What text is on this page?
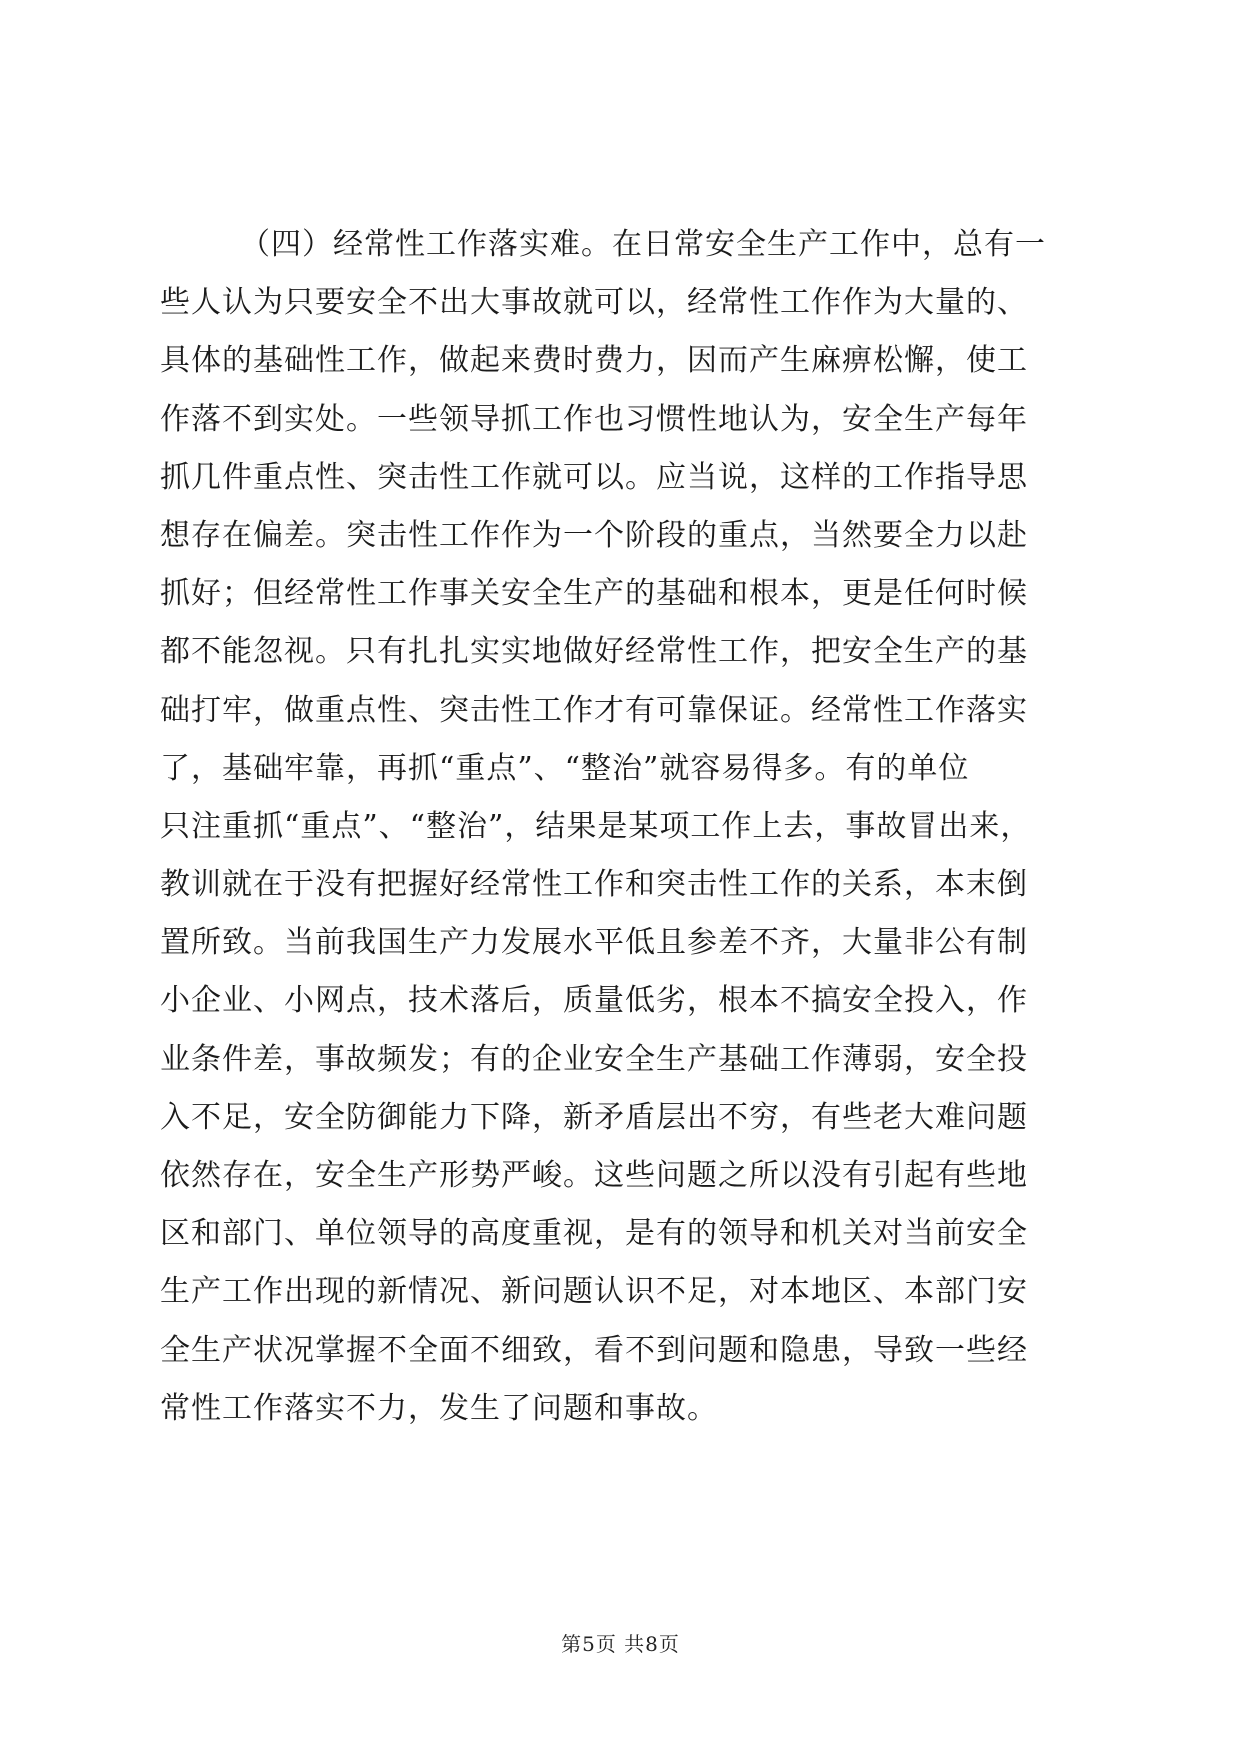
（四）经常性工作落实难。在日常安全生产工作中，总有一
些人认为只要安全不出大事故就可以，经常性工作作为大量的、
具体的基础性工作，做起来费时费力，因而产生麻痹松懈，使工
作落不到实处。一些领导抓工作也习惯性地认为，安全生产每年
抓几件重点性、突击性工作就可以。应当说，这样的工作指导思
想存在偏差。突击性工作作为一个阶段的重点，当然要全力以赴
抓好；但经常性工作事关安全生产的基础和根本，更是任何时候
都不能忽视。只有扎扎实实地做好经常性工作，把安全生产的基
础打牢，做重点性、突击性工作才有可靠保证。经常性工作落实
了，基础牢靠，再抓“重点”、“整治”就容易得多。有的单位
只注重抓“重点”、“整治”，结果是某项工作上去，事故冒出来，
教训就在于没有把握好经常性工作和突击性工作的关系，本末倒
置所致。当前我国生产力发展水平低且参差不齐，大量非公有制
小企业、小网点，技术落后，质量低劣，根本不搞安全投入，作
业条件差，事故频发；有的企业安全生产基础工作薄弱，安全投
入不足，安全防御能力下降，新矛盾层出不穷，有些老大难问题
依然存在，安全生产形势严峻。这些问题之所以没有引起有些地
区和部门、单位领导的高度重视，是有的领导和机关对当前安全
生产工作出现的新情况、新问题认识不足，对本地区、本部门安
全生产状况掌握不全面不细致，看不到问题和隐患，导致一些经
常性工作落实不力，发生了问题和事故。
第5页 共8页
